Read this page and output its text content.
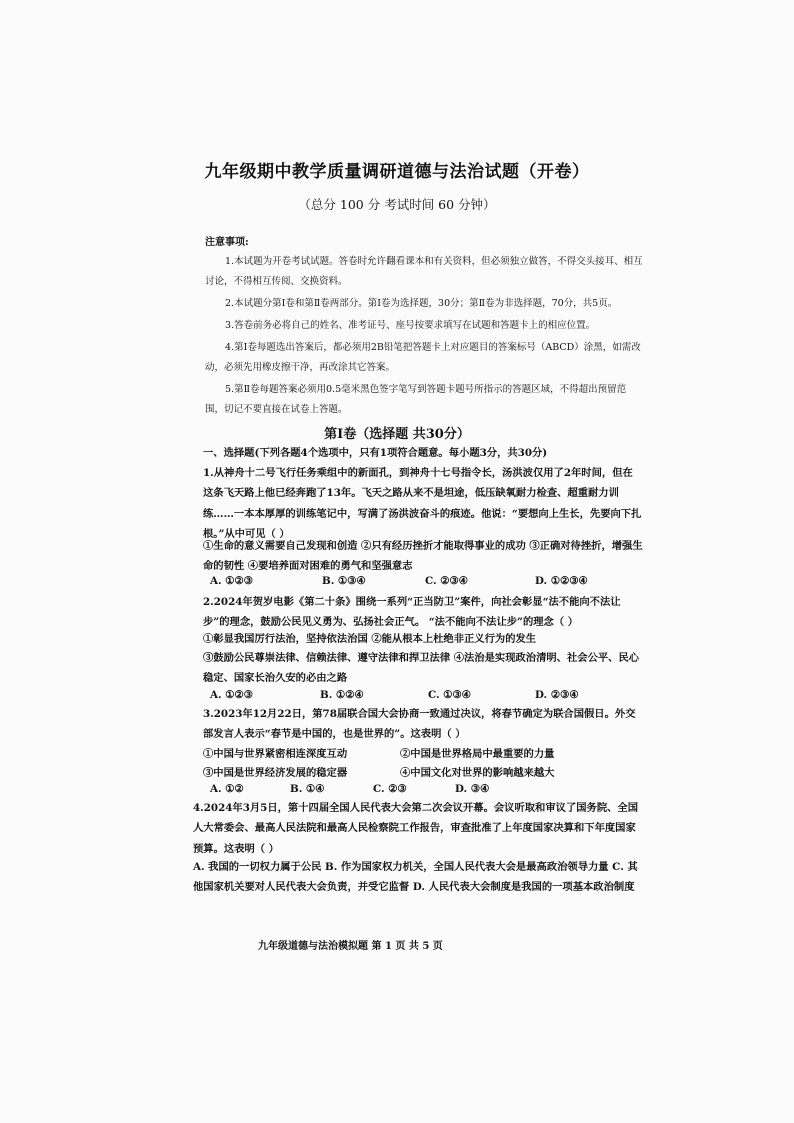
九年级期中教学质量调研道德与法治试题（开卷）
（总分 100 分 考试时间 60 分钟）
注意事项:

1.本试题为开卷考试试题。答卷时允许翻看课本和有关资料，但必须独立做答，不得交头接耳、相互讨论，不得相互传阅、交换资料。

2.本试题分第Ⅰ卷和第Ⅱ卷两部分。第Ⅰ卷为选择题，30分；第Ⅱ卷为非选择题，70分，共5页。

3.答卷前务必将自己的姓名、准考证号、座号按要求填写在试题和答题卡上的相应位置。

4.第Ⅰ卷每题选出答案后，都必须用2B铅笔把答题卡上对应题目的答案标号（ABCD）涂黑，如需改动，必须先用橡皮擦干净，再改涂其它答案。

5.第Ⅱ卷每题答案必须用0.5毫米黑色签字笔写到答题卡题号所指示的答题区域，不得超出预留范围，切记不要直接在试卷上答题。

第Ⅰ卷（选择题 共30分）
一、选择题(下列各题4个选项中，只有1项符合题意。每小题3分，共30分)
1.从神舟十二号飞行任务乘组中的新面孔，到神舟十七号指令长，汤洪波仅用了2年时间，但在这条飞天路上他已经奔跑了13年。飞天之路从来不是坦途，低压缺氧耐力检查、超重耐力训练……一本本厚厚的训练笔记中，写满了汤洪波奋斗的痕迹。他说：“要想向上生长，先要向下扎根。”从中可见（ ）
①生命的意义需要自己发现和创造 ②只有经历挫折才能取得事业的成功 ③正确对待挫折，增强生命的韧性 ④要培养面对困难的勇气和坚强意志
A. ①②③	B. ①③④	C. ②③④	D. ①②③④
2.2024年贺岁电影《第二十条》围绕一系列“正当防卫”案件，向社会彰显“法不能向不法让步”的理念，鼓励公民见义勇为、弘扬社会正气。 “法不能向不法让步”的理念（ ）
①彰显我国厉行法治，坚持依法治国 ②能从根本上杜绝非正义行为的发生
③鼓励公民尊崇法律、信赖法律、遵守法律和捍卫法律 ④法治是实现政治清明、社会公平、民心稳定、国家长治久安的必由之路
A. ①②③	B. ①②④	C. ①③④	D. ②③④
3.2023年12月22日，第78届联合国大会协商一致通过决议，将春节确定为联合国假日。外交部发言人表示“春节是中国的，也是世界的”。这表明（ ）
①中国与世界紧密相连深度互动	②中国是世界格局中最重要的力量
③中国是世界经济发展的稳定器	④中国文化对世界的影响越来越大
A. ①②	B. ①④	C. ②③	D. ③④
4.2024年3月5日，第十四届全国人民代表大会第二次会议开幕。会议听取和审议了国务院、全国人大常委会、最高人民法院和最高人民检察院工作报告，审查批准了上年度国家决算和下年度国家预算。这表明（ ）
A. 我国的一切权力属于公民 B. 作为国家权力机关，全国人民代表大会是最高政治领导力量 C. 其他国家机关要对人民代表大会负责，并受它监督 D. 人民代表大会制度是我国的一项基本政治制度
九年级道德与法治模拟题 第 1 页 共 5 页
